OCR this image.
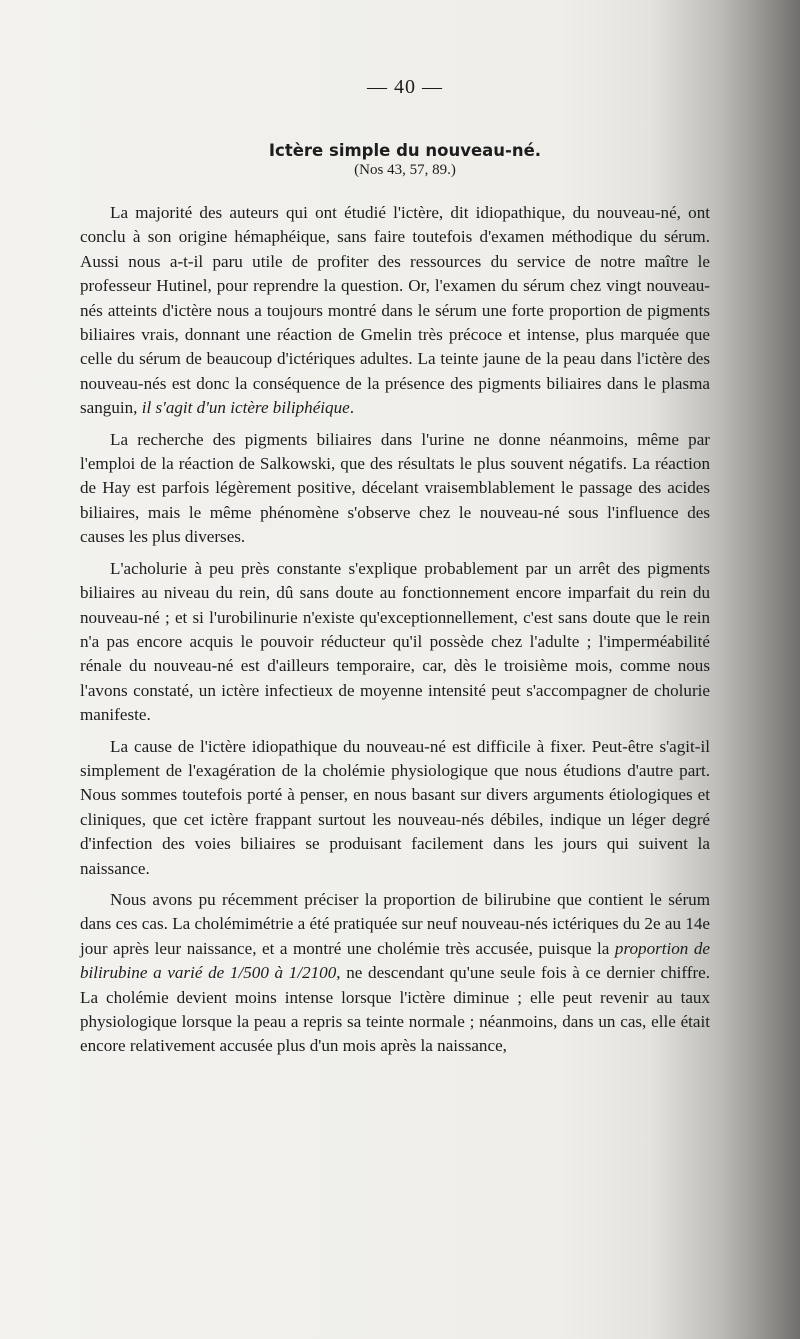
— 40 —
Ictère simple du nouveau-né.
(Nos 43, 57, 89.)

La majorité des auteurs qui ont étudié l'ictère, dit idiopathique, du nouveau-né, ont conclu à son origine hémaphéique, sans faire toutefois d'examen méthodique du sérum. Aussi nous a-t-il paru utile de profiter des ressources du service de notre maître le professeur Hutinel, pour reprendre la question. Or, l'examen du sérum chez vingt nouveau-nés atteints d'ictère nous a toujours montré dans le sérum une forte proportion de pigments biliaires vrais, donnant une réaction de Gmelin très précoce et intense, plus marquée que celle du sérum de beaucoup d'ictériques adultes. La teinte jaune de la peau dans l'ictère des nouveau-nés est donc la conséquence de la présence des pigments biliaires dans le plasma sanguin, il s'agit d'un ictère biliphéique.

La recherche des pigments biliaires dans l'urine ne donne néanmoins, même par l'emploi de la réaction de Salkowski, que des résultats le plus souvent négatifs. La réaction de Hay est parfois légèrement positive, décelant vraisemblablement le passage des acides biliaires, mais le même phénomène s'observe chez le nouveau-né sous l'influence des causes les plus diverses.

L'acholurie à peu près constante s'explique probablement par un arrêt des pigments biliaires au niveau du rein, dû sans doute au fonctionnement encore imparfait du rein du nouveau-né ; et si l'urobilinurie n'existe qu'exceptionnellement, c'est sans doute que le rein n'a pas encore acquis le pouvoir réducteur qu'il possède chez l'adulte ; l'imperméabilité rénale du nouveau-né est d'ailleurs temporaire, car, dès le troisième mois, comme nous l'avons constaté, un ictère infectieux de moyenne intensité peut s'accompagner de cholurie manifeste.

La cause de l'ictère idiopathique du nouveau-né est difficile à fixer. Peut-être s'agit-il simplement de l'exagération de la cholémie physiologique que nous étudions d'autre part. Nous sommes toutefois porté à penser, en nous basant sur divers arguments étiologiques et cliniques, que cet ictère frappant surtout les nouveau-nés débiles, indique un léger degré d'infection des voies biliaires se produisant facilement dans les jours qui suivent la naissance.

Nous avons pu récemment préciser la proportion de bilirubine que contient le sérum dans ces cas. La cholémimétrie a été pratiquée sur neuf nouveau-nés ictériques du 2e au 14e jour après leur naissance, et a montré une cholémie très accusée, puisque la proportion de bilirubine a varié de 1/500 à 1/2100, ne descendant qu'une seule fois à ce dernier chiffre. La cholémie devient moins intense lorsque l'ictère diminue ; elle peut revenir au taux physiologique lorsque la peau a repris sa teinte normale ; néanmoins, dans un cas, elle était encore relativement accusée plus d'un mois après la naissance,
